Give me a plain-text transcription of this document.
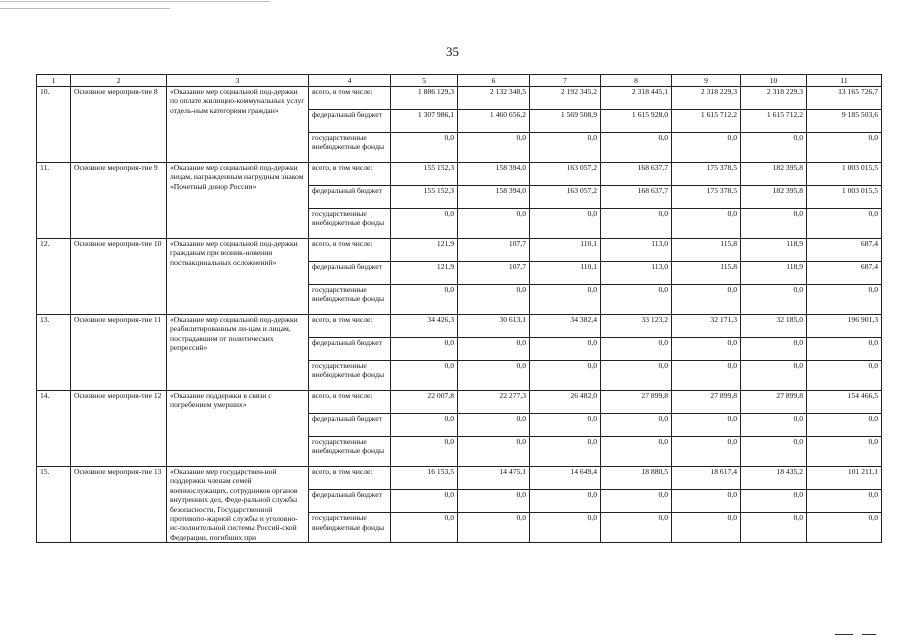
35
1	2	3	4	5	6	7	8	9	10	11
10.	Основное мероприя-тие 8	«Оказание мер социальной под-держки по оплате жилищно-коммунальных услуг отдель-ным категориям граждан»	всего, в том числе:	1 886 129,3	2 132 348,5	2 192 345,2	2 318 445,1	2 318 229,3	2 318 229,3	13 165 726,7
			федеральный бюджет	1 307 986,1	1 460 656,2	1 569 508,9	1 615 928,0	1 615 712,2	1 615 712,2	9 185 503,6
			государственные внебюджетные фонды	0,0	0,0	0,0	0,0	0,0	0,0	0,0
11.	Основное мероприя-тие 9	«Оказание мер социальной под-держки лицам, награжденным нагрудным знаком «Почетный донор России»	всего, в том числе:	155 152,3	158 394,0	163 057,2	168 637,7	175 378,5	182 395,8	1 003 015,5
			федеральный бюджет	155 152,3	158 394,0	163 057,2	168 637,7	175 378,5	182 395,8	1 003 015,5
			государственные внебюджетные фонды	0,0	0,0	0,0	0,0	0,0	0,0	0,0
12.	Основное мероприя-тие 10	«Оказание мер социальной под-держки гражданам при возник-новении поствакцинальных осложнений»	всего, в том числе:	121,9	107,7	110,1	113,0	115,8	118,9	687,4
			федеральный бюджет	121,9	107,7	110,1	113,0	115,8	118,9	687,4
			государственные внебюджетные фонды	0,0	0,0	0,0	0,0	0,0	0,0	0,0
13.	Основное мероприя-тие 11	«Оказание мер социальной под-держки реабилитированным ли-цам и лицам, пострадавшим от политических репрессий»	всего, в том числе:	34 426,3	30 613,1	34 382,4	33 123,2	32 171,3	32 185,0	196 901,3
			федеральный бюджет	0,0	0,0	0,0	0,0	0,0	0,0	0,0
			государственные внебюджетные фонды	0,0	0,0	0,0	0,0	0,0	0,0	0,0
14.	Основное мероприя-тие 12	«Оказание поддержки в связи с погребением умерших»	всего, в том числе:	22 007,8	22 277,3	26 482,0	27 899,8	27 899,8	27 899,8	154 466,5
			федеральный бюджет	0,0	0,0	0,0	0,0	0,0	0,0	0,0
			государственные внебюджетные фонды	0,0	0,0	0,0	0,0	0,0	0,0	0,0
15.	Основное мероприя-тие 13	«Оказание мер государствен-ной поддержки членам семей военнослужащих, сотрудников органов внутренних дел, Феде-ральной службы безопасности, Государственной противопо-жарной службы и уголовно-ис-полнительной системы Россий-ской Федерации, погибших при	всего, в том числе:	16 153,5	14 475,1	14 649,4	18 880,5	18 617,4	18 435,2	101 211,1
			федеральный бюджет	0,0	0,0	0,0	0,0	0,0	0,0	0,0
			государственные внебюджетные фонды	0,0	0,0	0,0	0,0	0,0	0,0	0,0
